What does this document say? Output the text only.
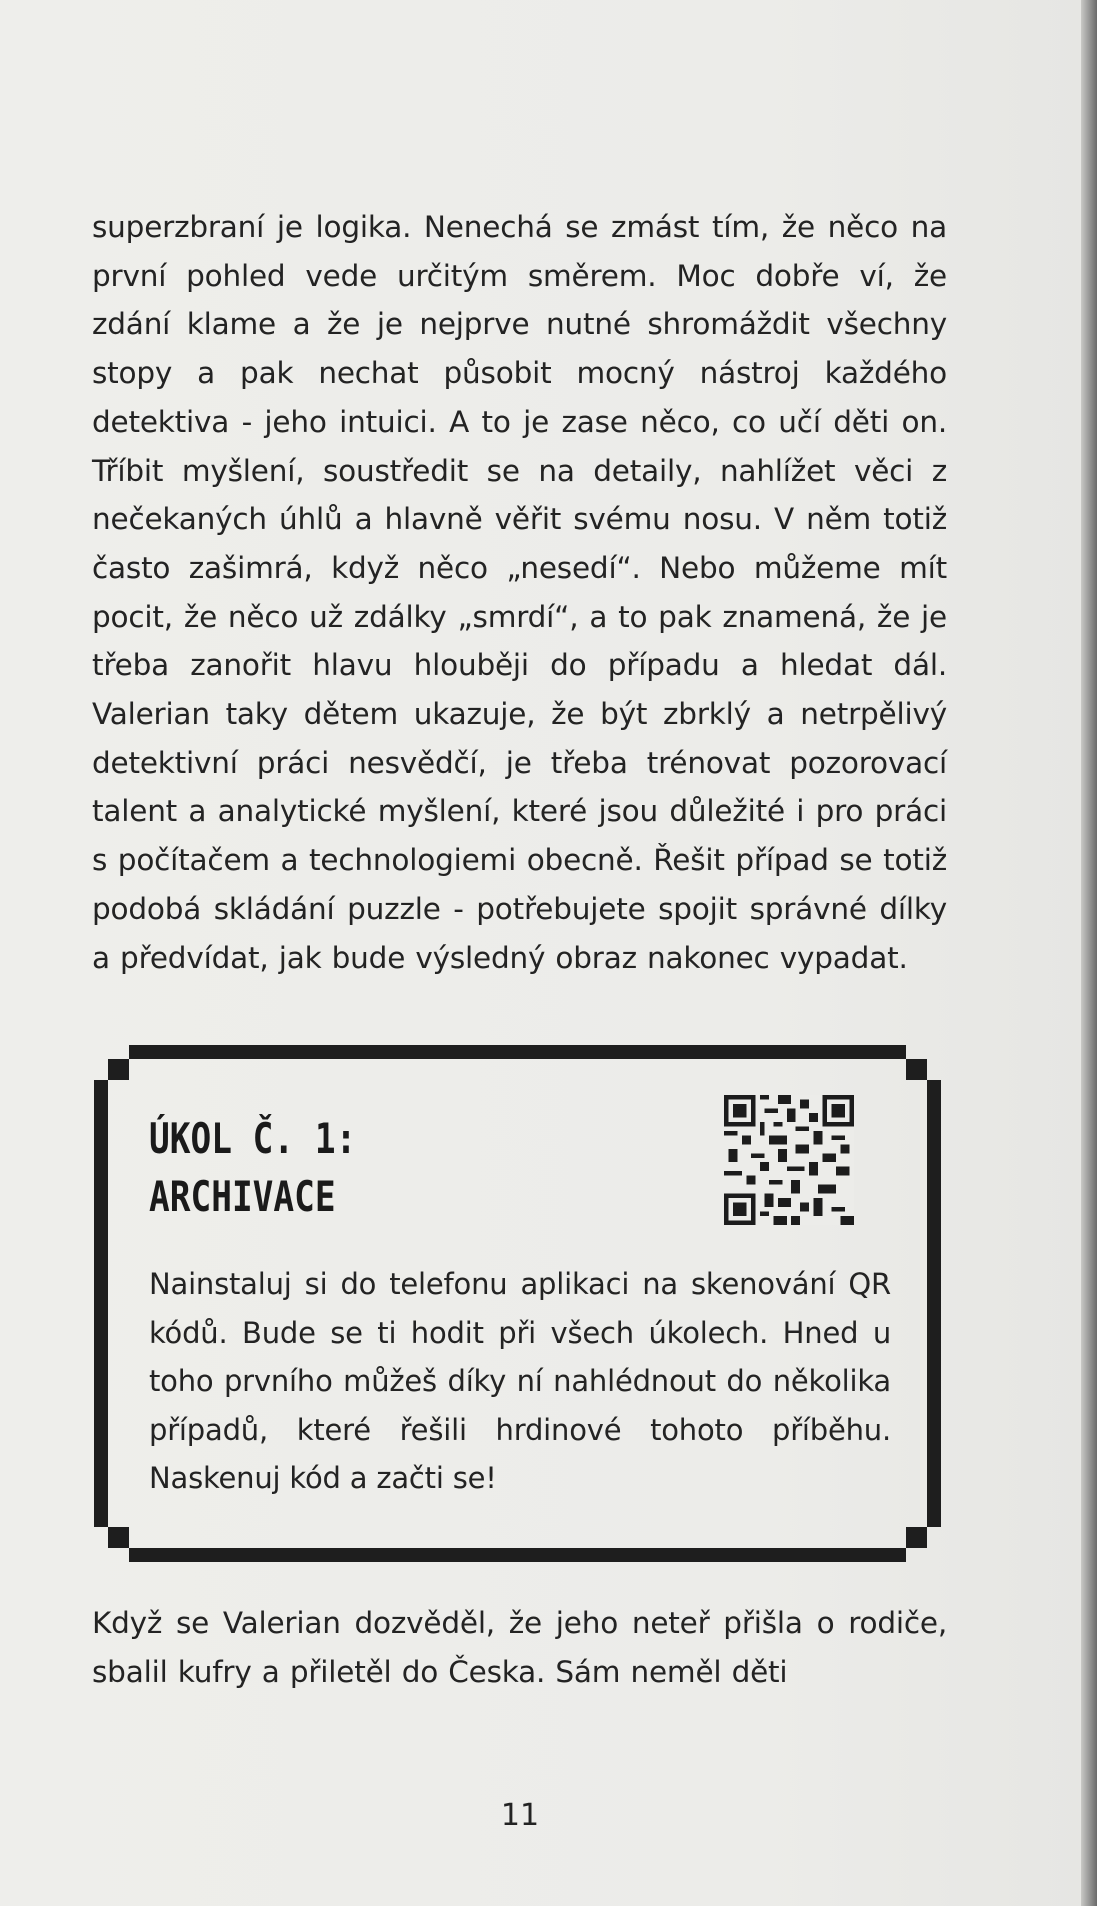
superzbraní je logika. Nenechá se zmást tím, že něco na první pohled vede určitým směrem. Moc dobře ví, že zdání klame a že je nejprve nutné shromáždit všechny stopy a pak nechat působit mocný nástroj každého detektiva - jeho intuici. A to je zase něco, co učí děti on. Tříbit myšlení, soustředit se na detaily, nahlížet věci z nečekaných úhlů a hlavně věřit svému nosu. V něm totiž často zašimrá, když něco „nesedí“. Nebo můžeme mít pocit, že něco už zdálky „smrdí“, a to pak znamená, že je třeba zanořit hlavu hlouběji do případu a hledat dál. Valerian taky dětem ukazuje, že být zbrklý a netrpělivý detektivní práci nesvědčí, je třeba trénovat pozorovací talent a analytické myšlení, které jsou důležité i pro práci s počítačem a technologiemi obecně. Řešit případ se totiž podobá skládání puzzle - potřebujete spojit správné dílky a předvídat, jak bude výsledný obraz nakonec vypadat.

ÚKOL Č. 1:
ARCHIVACE

Nainstaluj si do telefonu aplikaci na skenování QR kódů. Bude se ti hodit při všech úkolech. Hned u toho prvního můžeš díky ní nahlédnout do několika případů, které řešili hrdinové tohoto příběhu. Naskenuj kód a začti se!

Když se Valerian dozvěděl, že jeho neteř přišla o rodiče, sbalil kufry a přiletěl do Česka. Sám neměl děti

11
